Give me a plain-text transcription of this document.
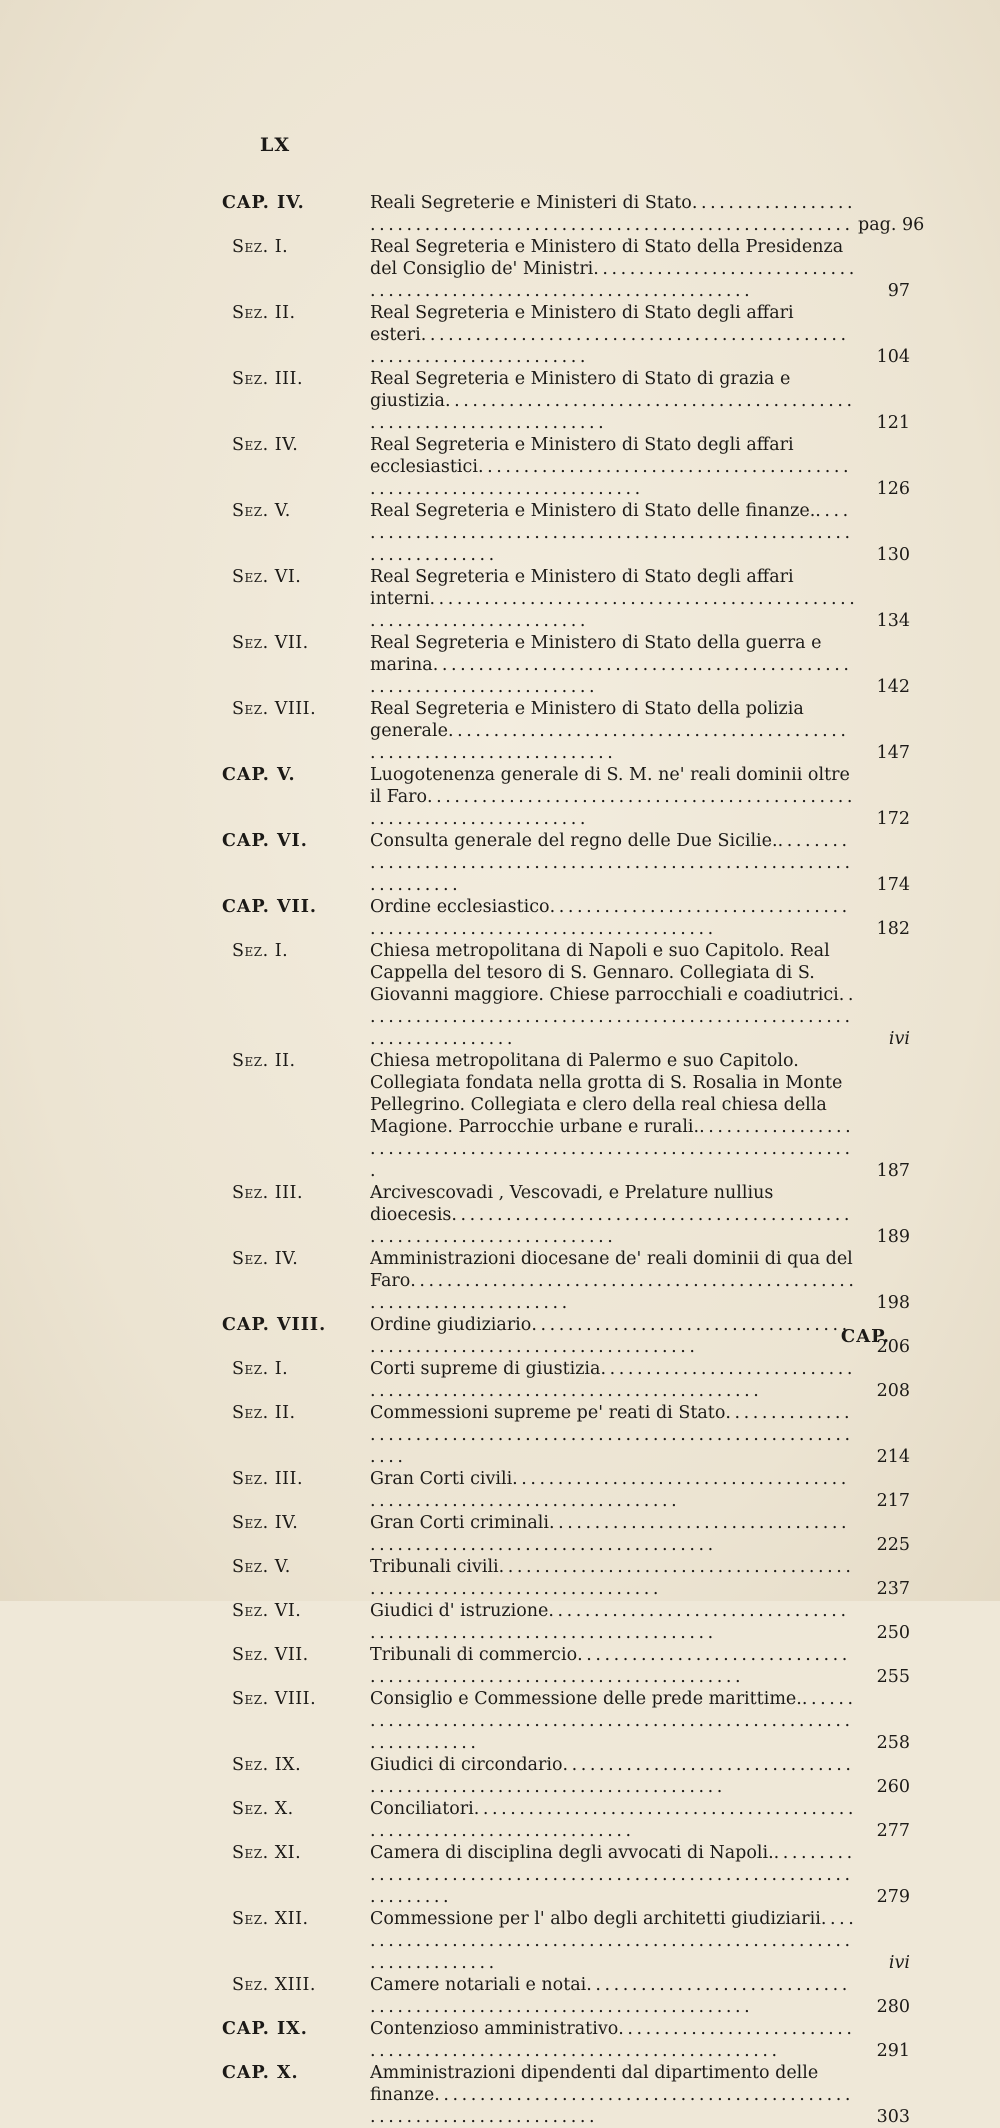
LX
CAP. IV.	Reali Segreterie e Ministeri di Stato . . .
pag. 96
Sez. I.	Real Segreteria e Ministero di Stato della Presidenza del Consiglio de' Ministri . . .
97
Sez. II.	Real Segreteria e Ministero di Stato degli affari esteri . . .
104
Sez. III.	Real Segreteria e Ministero di Stato di grazia e giustizia . . .
121
Sez. IV.	Real Segreteria e Ministero di Stato degli affari ecclesiastici . . .
126
Sez. V.	Real Segreteria e Ministero di Stato delle finanze. . . .
130
Sez. VI.	Real Segreteria e Ministero di Stato degli affari interni . . .
134
Sez. VII.	Real Segreteria e Ministero di Stato della guerra e marina . . .
142
Sez. VIII.	Real Segreteria e Ministero di Stato della polizia generale . . .
147
CAP. V.	Luogotenenza generale di S. M. ne' reali dominii oltre il Faro . . .
172
CAP. VI.	Consulta generale del regno delle Due Sicilie. . . .
174
CAP. VII.	Ordine ecclesiastico . . .
182
Sez. I.	Chiesa metropolitana di Napoli e suo Capitolo. Real Cappella del tesoro di S. Gennaro. Collegiata di S. Giovanni maggiore. Chiese parrocchiali e coadiutrici . . .
ivi
Sez. II.	Chiesa metropolitana di Palermo e suo Capitolo. Collegiata fondata nella grotta di S. Rosalia in Monte Pellegrino. Collegiata e clero della real chiesa della Magione. Parrocchie urbane e rurali. . . .
187
Sez. III.	Arcivescovadi , Vescovadi, e Prelature nullius dioecesis . . .
189
Sez. IV.	Amministrazioni diocesane de' reali dominii di qua del Faro . . .
198
CAP. VIII.	Ordine giudiziario . . .
206
Sez. I.	Corti supreme di giustizia . . .
208
Sez. II.	Commessioni supreme pe' reati di Stato . . .
214
Sez. III.	Gran Corti civili . . .
217
Sez. IV.	Gran Corti criminali . . .
225
Sez. V.	Tribunali civili . . .
237
Sez. VI.	Giudici d' istruzione . . .
250
Sez. VII.	Tribunali di commercio . . .
255
Sez. VIII.	Consiglio e Commessione delle prede marittime. . . .
258
Sez. IX.	Giudici di circondario . . .
260
Sez. X.	Conciliatori . . .
277
Sez. XI.	Camera di disciplina degli avvocati di Napoli. . . .
279
Sez. XII.	Commessione per l' albo degli architetti giudiziarii . . .
ivi
Sez. XIII.	Camere notariali e notai . . .
280
CAP. IX.	Contenzioso amministrativo . . .
291
CAP. X.	Amministrazioni dipendenti dal dipartimento delle finanze . . .
303
CAP.
